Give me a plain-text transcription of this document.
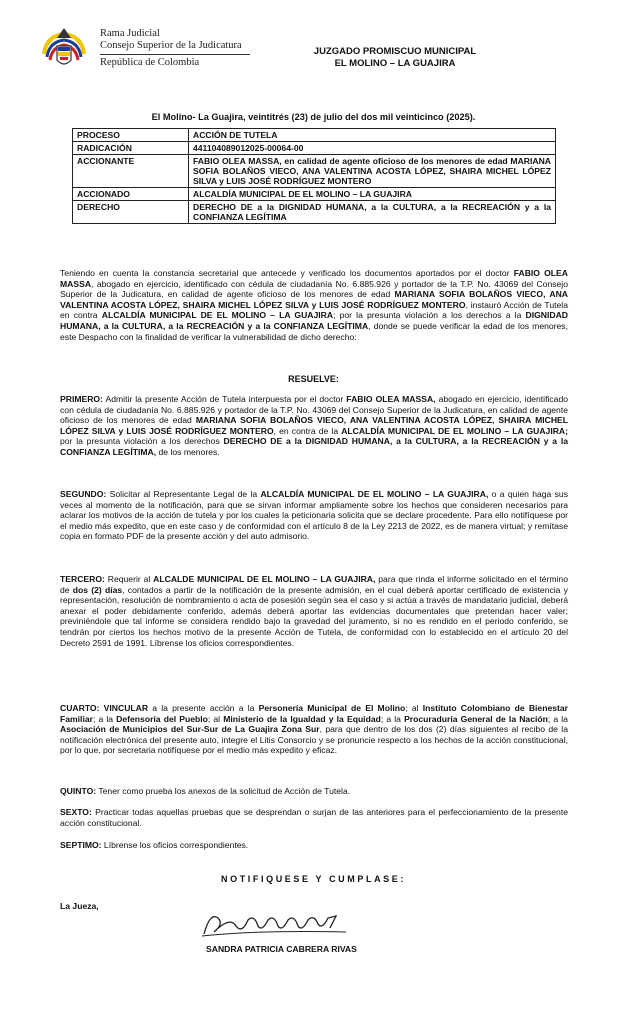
Rama Judicial
Consejo Superior de la Judicatura
República de Colombia
JUZGADO PROMISCUO MUNICIPAL
EL MOLINO – LA GUAJIRA
El Molino- La Guajira, veintitrés (23) de julio del dos mil veinticinco (2025).
PROCESO	ACCIÓN DE TUTELA
RADICACIÓN	441104089012025-00064-00
ACCIONANTE	FABIO OLEA MASSA, en calidad de agente oficioso de los menores de edad MARIANA SOFIA BOLAÑOS VIECO, ANA VALENTINA ACOSTA LÓPEZ, SHAIRA MICHEL LÓPEZ SILVA y LUIS JOSÉ RODRÍGUEZ MONTERO
ACCIONADO	ALCALDÍA MUNICIPAL DE EL MOLINO – LA GUAJIRA
DERECHO	DERECHO DE a la DIGNIDAD HUMANA, a la CULTURA, a la RECREACIÓN y a la CONFIANZA LEGÍTIMA
Teniendo en cuenta la constancia secretarial que antecede y verificado los documentos aportados por el doctor FABIO OLEA MASSA, abogado en ejercicio, identificado con cédula de ciudadanía No. 6.885.926 y portador de la T.P. No. 43069 del Consejo Superior de la Judicatura, en calidad de agente oficioso de los menores de edad MARIANA SOFIA BOLAÑOS VIECO, ANA VALENTINA ACOSTA LÓPEZ, SHAIRA MICHEL LÓPEZ SILVA y LUIS JOSÉ RODRÍGUEZ MONTERO, instauró Acción de Tutela en contra ALCALDÍA MUNICIPAL DE EL MOLINO – LA GUAJIRA; por la presunta violación a los derechos a la DIGNIDAD HUMANA, a la CULTURA, a la RECREACIÓN y a la CONFIANZA LEGÍTIMA, donde se puede verificar la edad de los menores, este Despacho con la finalidad de verificar la vulnerabilidad de dicho derecho:
RESUELVE:
PRIMERO: Admitir la presente Acción de Tutela interpuesta por el doctor FABIO OLEA MASSA, abogado en ejercicio, identificado con cédula de ciudadanía No. 6.885.926 y portador de la T.P. No. 43069 del Consejo Superior de la Judicatura, en calidad de agente oficioso de los menores de edad MARIANA SOFIA BOLAÑOS VIECO, ANA VALENTINA ACOSTA LÓPEZ, SHAIRA MICHEL LÓPEZ SILVA y LUIS JOSÉ RODRÍGUEZ MONTERO, en contra de la ALCALDÍA MUNICIPAL DE EL MOLINO – LA GUAJIRA; por la presunta violación a los derechos DERECHO DE a la DIGNIDAD HUMANA, a la CULTURA, a la RECREACIÓN y a la CONFIANZA LEGÍTIMA, de los menores.
SEGUNDO: Solicitar al Representante Legal de la ALCALDÍA MUNICIPAL DE EL MOLINO – LA GUAJIRA, o a quien haga sus veces al momento de la notificación, para que se sirvan informar ampliamente sobre los hechos que consideren necesarios para aclarar los motivos de la acción de tutela y por los cuales la peticionaria solicita que se declare procedente. Para ello notifíquese por el medio más expedito, que en este caso y de conformidad con el artículo 8 de la Ley 2213 de 2022, es de manera virtual; y remítase copia en formato PDF de la presente acción y del auto admisorio.
TERCERO: Requerir al ALCALDE MUNICIPAL DE EL MOLINO – LA GUAJIRA, para que rinda el informe solicitado en el término de dos (2) días, contados a partir de la notificación de la presente admisión, en el cual deberá aportar certificado de existencia y representación, resolución de nombramiento o acta de posesión según sea el caso y si actúa a través de mandatario judicial, deberá anexar el poder debidamente conferido, además deberá aportar las evidencias documentales que pretendan hacer valer; previniéndole que tal informe se considera rendido bajo la gravedad del juramento, si no es rendido en el periodo conferido, se tendrán por ciertos los hechos motivo de la presente Acción de Tutela, de conformidad con lo establecido en el artículo 20 del Decreto 2591 de 1991. Líbrense los oficios correspondientes.
CUARTO: VINCULAR a la presente acción a la Personería Municipal de El Molino; al Instituto Colombiano de Bienestar Familiar; a la Defensoría del Pueblo; al Ministerio de la Igualdad y la Equidad; a la Procuraduría General de la Nación; a la Asociación de Municipios del Sur-Sur de La Guajira Zona Sur, para que dentro de los dos (2) días siguientes al recibo de la notificación electrónica del presente auto, integre el Litis Consorcio y se pronuncie respecto a los hechos de la acción constitucional, por lo que, por secretaria notifíquese por el medio más expedito y eficaz.
QUINTO: Tener como prueba los anexos de la solicitud de Acción de Tutela.
SEXTO: Practicar todas aquellas pruebas que se desprendan o surjan de las anteriores para el perfeccionamiento de la presente acción constitucional.
SEPTIMO: Líbrense los oficios correspondientes.
NOTIFIQUESE Y CUMPLASE:
La Jueza,
SANDRA PATRICIA CABRERA RIVAS
